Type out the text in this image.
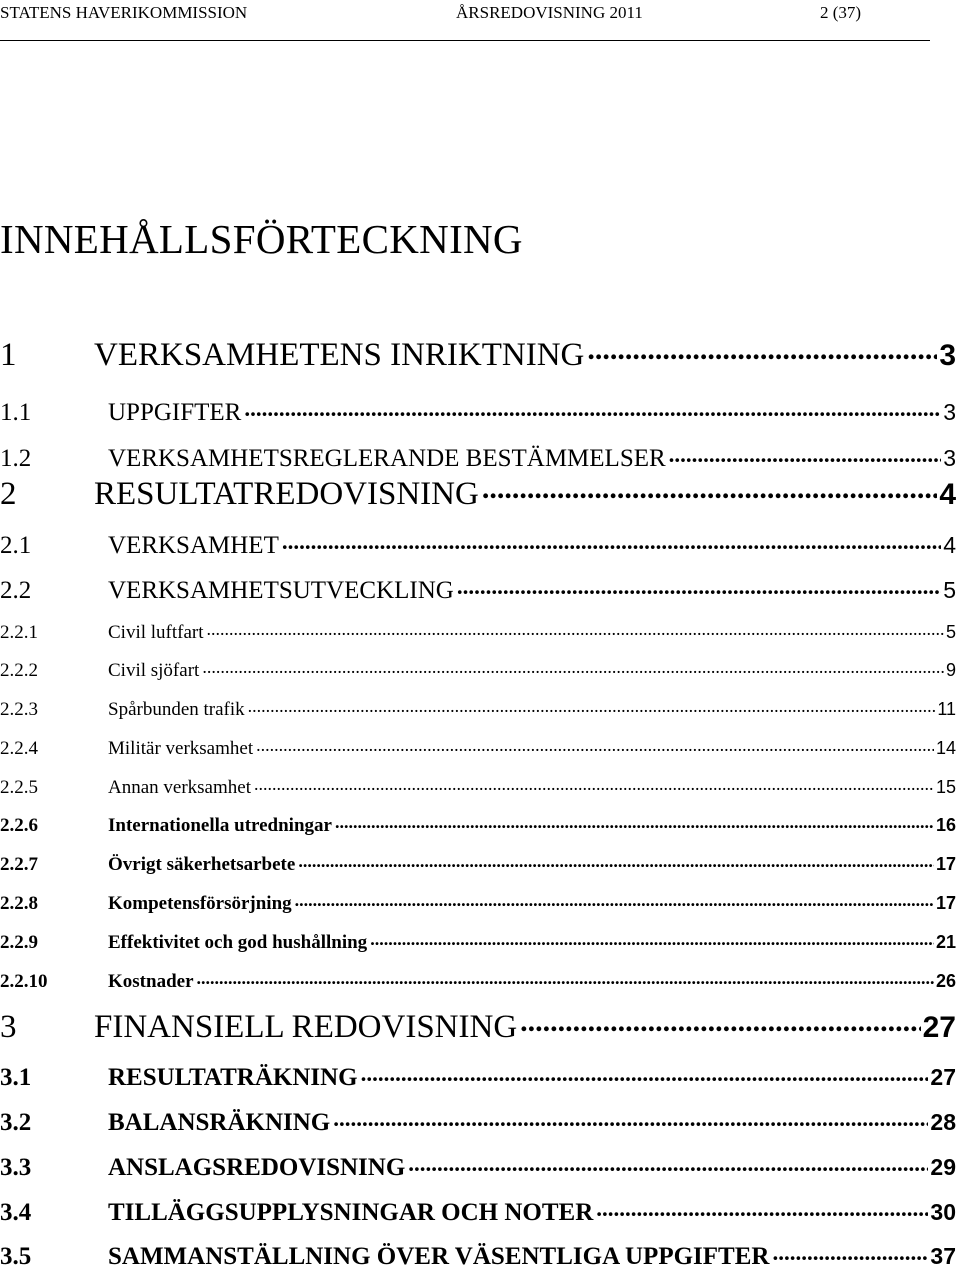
STATENS HAVERIKOMMISSION	ÅRSREDOVISNING 2011	2 (37)
INNEHÅLLSFÖRTECKNING
1 VERKSAMHETENS INRIKTNING .....	3
1.1	UPPGIFTER .....	3
1.2	VERKSAMHETSREGLERANDE BESTÄMMELSER .....	3
2 RESULTATREDOVISNING .....	4
2.1	VERKSAMHET .....	4
2.2	VERKSAMHETSUTVECKLING .....	5
2.2.1	Civil luftfart .....	5
2.2.2	Civil sjöfart .....	9
2.2.3	Spårbunden trafik .....	11
2.2.4	Militär verksamhet .....	14
2.2.5	Annan verksamhet .....	15
2.2.6	Internationella utredningar .....	16
2.2.7	Övrigt säkerhetsarbete .....	17
2.2.8	Kompetensförsörjning .....	17
2.2.9	Effektivitet och god hushållning .....	21
2.2.10	Kostnader .....	26
3 FINANSIELL REDOVISNING .....	27
3.1	RESULTATRÄKNING .....	27
3.2	BALANSRÄKNING .....	28
3.3	ANSLAGSREDOVISNING .....	29
3.4	TILLÄGGSUPPLYSNINGAR OCH NOTER .....	30
3.5	SAMMANSTÄLLNING ÖVER VÄSENTLIGA UPPGIFTER .....	37
